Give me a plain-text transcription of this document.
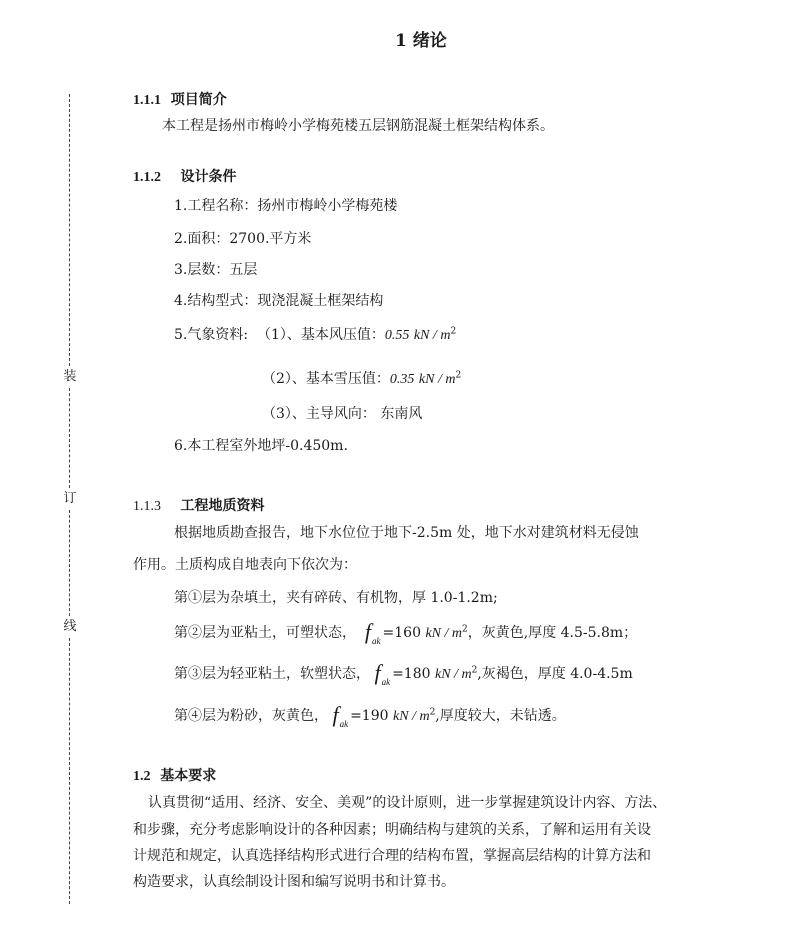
装
订
线
1 绪论
1.1.1 项目简介
本工程是扬州市梅岭小学梅苑楼五层钢筋混凝土框架结构体系。
1.1.2 设计条件
1.工程名称：扬州市梅岭小学梅苑楼
2.面积：2700.平方米
3.层数：五层
4.结构型式：现浇混凝土框架结构
5.气象资料: （1）、基本风压值：0.55 kN / $m^2$
（2）、基本雪压值：0.35 kN / $m^2$
（3）、主导风向： 东南风
6.本工程室外地坪-0.450m.
1.1.3 工程地质资料
根据地质勘查报告，地下水位位于地下-2.5m 处，地下水对建筑材料无侵蚀
作用。土质构成自地表向下依次为：
第①层为杂填土，夹有碎砖、有机物，厚 1.0-1.2m;
第②层为亚粘土，可塑状态， $f_{ak} =160$ kN / $m^2$，灰黄色,厚度 4.5-5.8m；
第③层为轻亚粘土，软塑状态， $f_{ak} =180$ kN / $m^2$,灰褐色，厚度 4.0-4.5m
第④层为粉砂，灰黄色， $f_{ak} =190$ kN / $m^2$,厚度较大，未钻透。
1.2 基本要求
认真贯彻“适用、经济、安全、美观”的设计原则，进一步掌握建筑设计内容、方法、
和步骤，充分考虑影响设计的各种因素；明确结构与建筑的关系，了解和运用有关设
计规范和规定，认真选择结构形式进行合理的结构布置，掌握高层结构的计算方法和
构造要求，认真绘制设计图和编写说明书和计算书。
